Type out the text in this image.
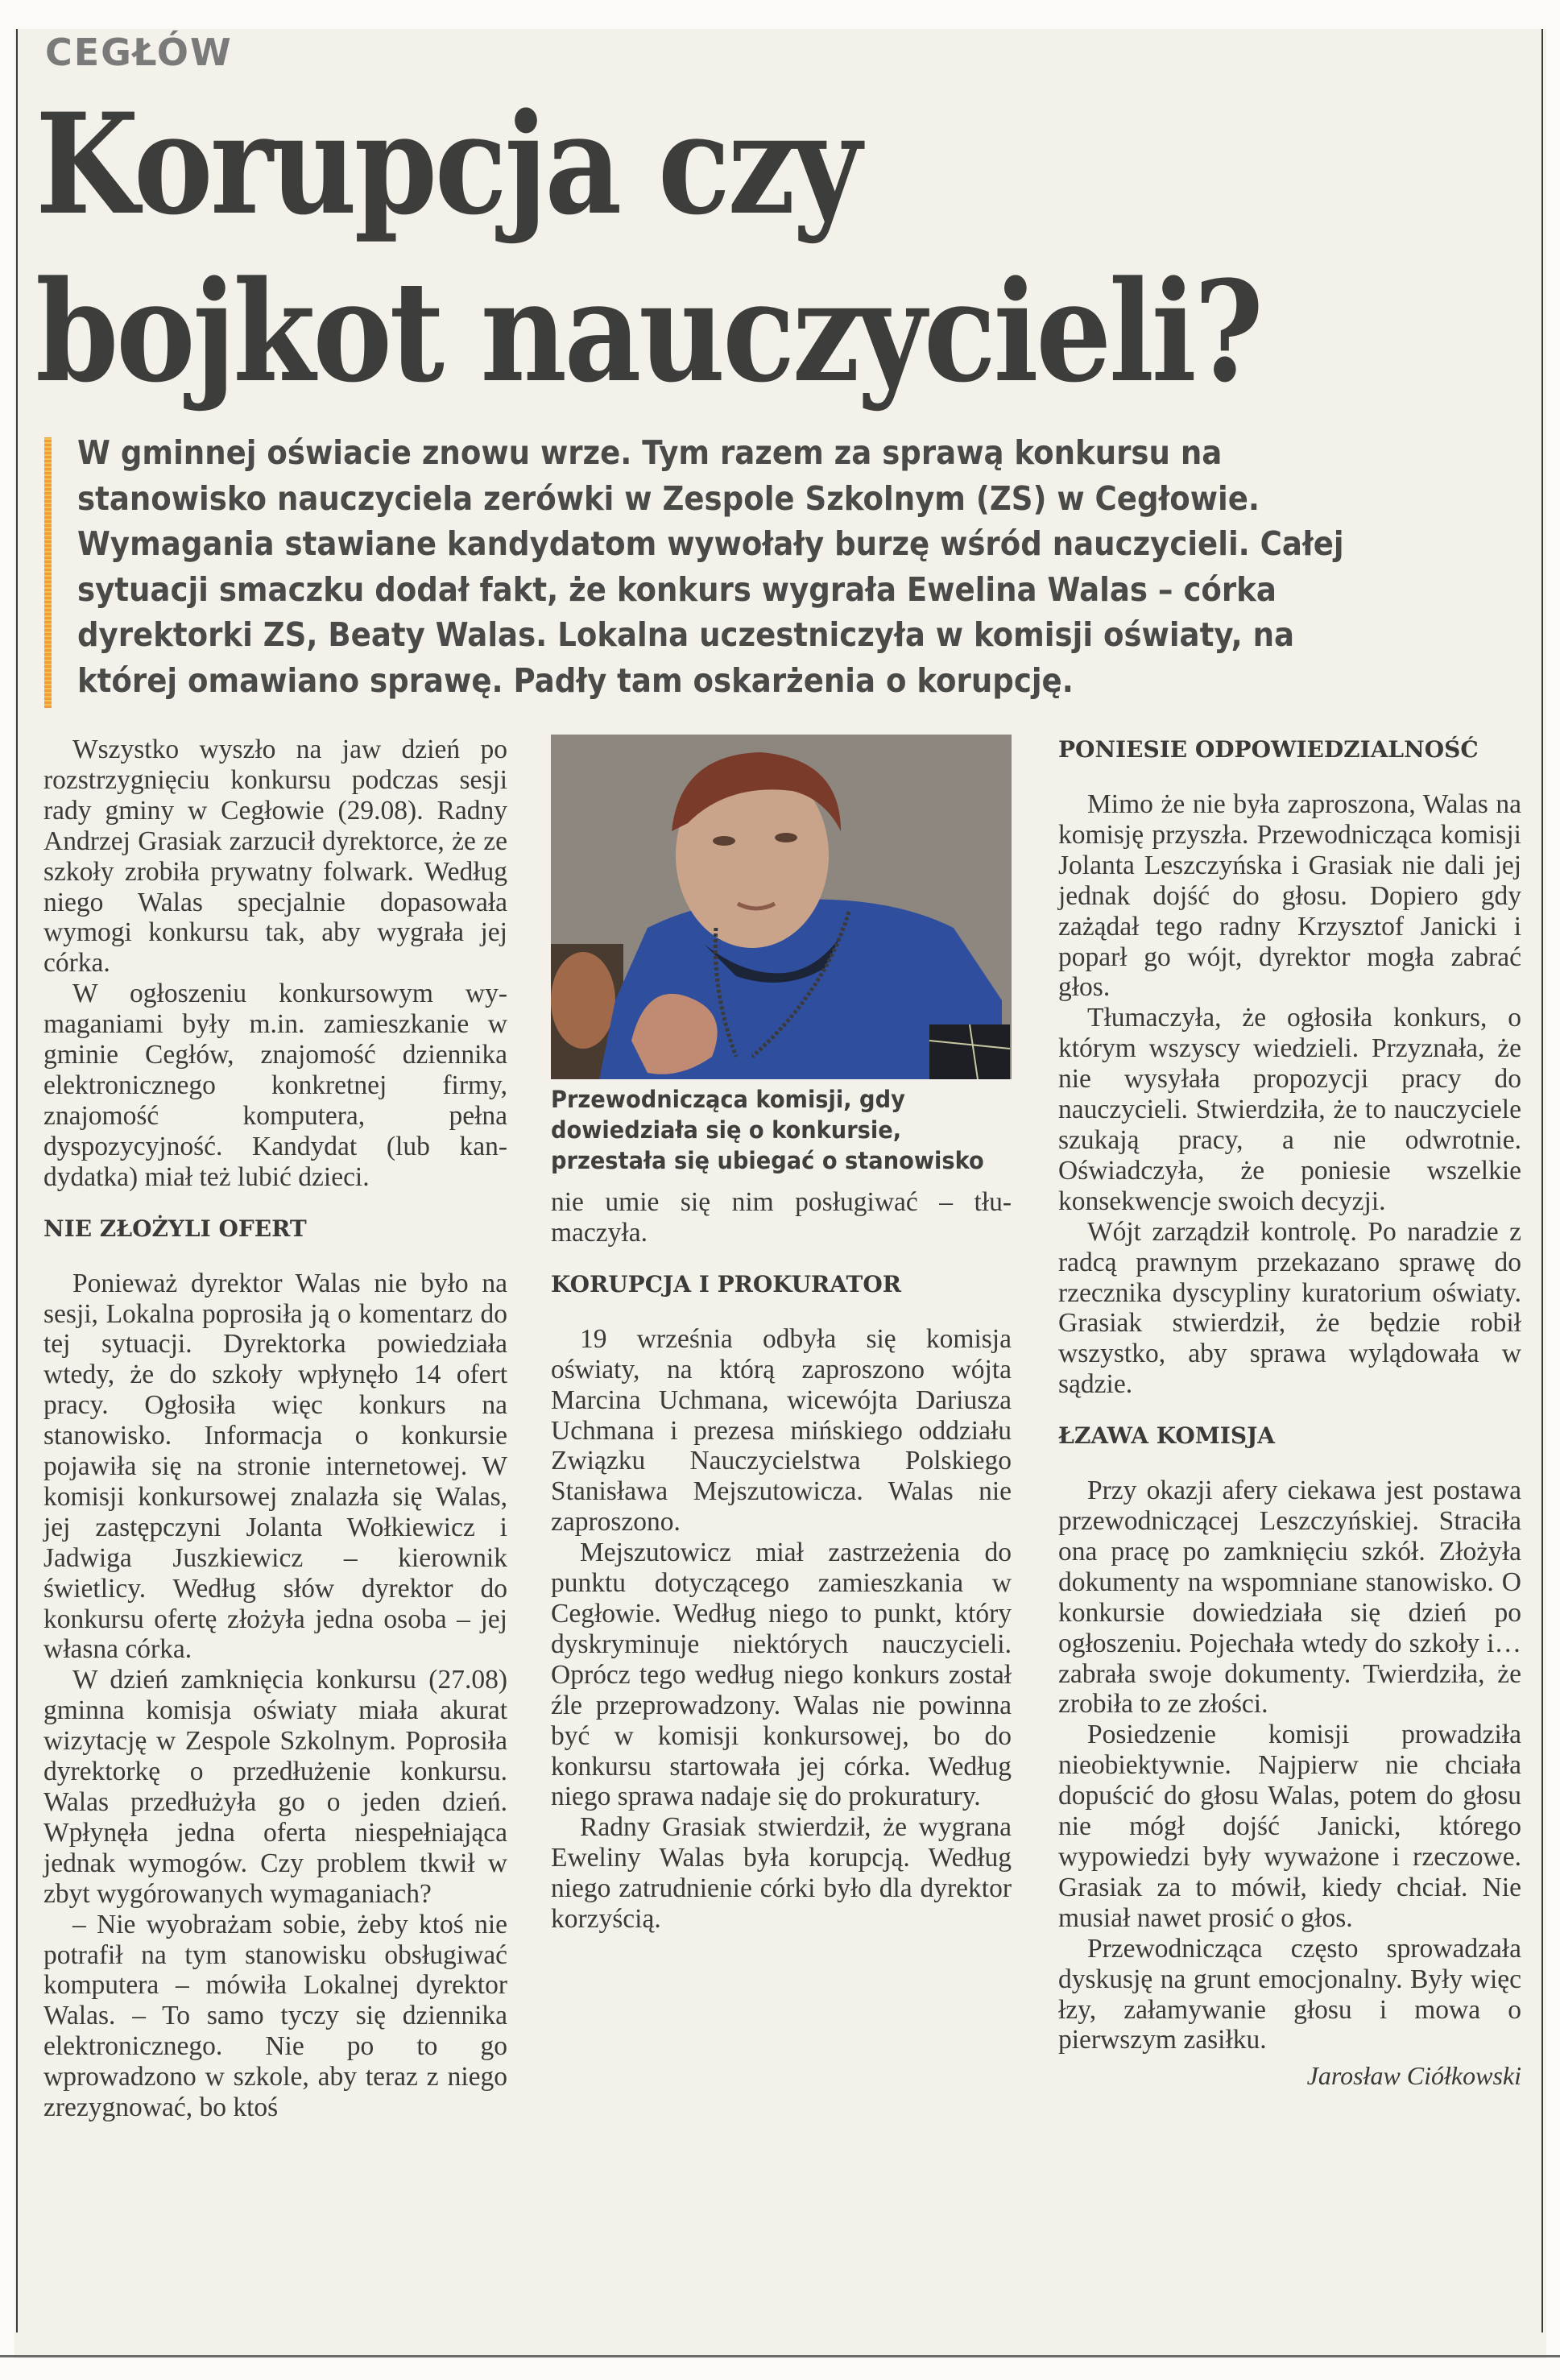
CEGŁÓW
Korupcja czy bojkot nauczycieli?
W gminnej oświacie znowu wrze. Tym razem za sprawą konkursu na stanowisko nauczyciela zerówki w Zespole Szkolnym (ZS) w Cegłowie. Wymagania stawiane kandydatom wywołały burzę wśród nauczycieli. Całej sytuacji smaczku dodał fakt, że konkurs wygrała Ewelina Walas – córka dyrektorki ZS, Beaty Walas. Lokalna uczestniczyła w komisji oświaty, na której omawiano sprawę. Padły tam oskarżenia o korupcję.

Wszystko wyszło na jaw dzień po rozstrzygnięciu konkursu podczas sesji rady gminy w Cegłowie (29.08). Radny Andrzej Grasiak zarzucił dyrektorce, że ze szkoły zrobiła prywatny folwark. Według niego Walas specjalnie dopasowała wymogi konkursu tak, aby wygrała jej córka.

W ogłoszeniu konkursowym wymaganiami były m.in. zamieszkanie w gminie Cegłów, znajomość dziennika elektronicznego konkretnej firmy, znajomość komputera, pełna dyspozycyjność. Kandydat (lub kandydatka) miał też lubić dzieci.

NIE ZŁOŻYLI OFERT

Ponieważ dyrektor Walas nie było na sesji, Lokalna poprosiła ją o komentarz do tej sytuacji. Dyrektorka powiedziała wtedy, że do szkoły wpłynęło 14 ofert pracy. Ogłosiła więc konkurs na stanowisko. Informacja o konkursie pojawiła się na stronie internetowej. W komisji konkursowej znalazła się Walas, jej zastępczyni Jolanta Wołkiewicz i Jadwiga Juszkiewicz – kierownik świetlicy. Według słów dyrektor do konkursu ofertę złożyła jedna osoba – jej własna córka.

W dzień zamknięcia konkursu (27.08) gminna komisja oświaty miała akurat wizytację w Zespole Szkolnym. Poprosiła dyrektorkę o przedłużenie konkursu. Walas przedłużyła go o jeden dzień. Wpłynęła jedna oferta niespełniająca jednak wymogów. Czy problem tkwił w zbyt wygórowanych wymaganiach?

– Nie wyobrażam sobie, żeby ktoś nie potrafił na tym stanowisku obsługiwać komputera – mówiła Lokalnej dyrektor Walas. – To samo tyczy się dziennika elektronicznego. Nie po to go wprowadzono w szkole, aby teraz z niego zrezygnować, bo ktoś

Przewodnicząca komisji, gdy dowiedziała się o konkursie, przestała się ubiegać o stanowisko

nie umie się nim posługiwać – tłumaczyła.

KORUPCJA I PROKURATOR

19 września odbyła się komisja oświaty, na którą zaproszono wójta Marcina Uchmana, wicewójta Dariusza Uchmana i prezesa mińskiego oddziału Związku Nauczycielstwa Polskiego Stanisława Mejszutowicza. Walas nie zaproszono.

Mejszutowicz miał zastrzeżenia do punktu dotyczącego zamieszkania w Cegłowie. Według niego to punkt, który dyskryminuje niektórych nauczycieli. Oprócz tego według niego konkurs został źle przeprowadzony. Walas nie powinna być w komisji konkursowej, bo do konkursu startowała jej córka. Według niego sprawa nadaje się do prokuratury.

Radny Grasiak stwierdził, że wygrana Eweliny Walas była korupcją. Według niego zatrudnienie córki było dla dyrektor korzyścią.

PONIESIE ODPOWIEDZIALNOŚĆ

Mimo że nie była zaproszona, Walas na komisję przyszła. Przewodnicząca komisji Jolanta Leszczyńska i Grasiak nie dali jej jednak dojść do głosu. Dopiero gdy zażądał tego radny Krzysztof Janicki i poparł go wójt, dyrektor mogła zabrać głos.

Tłumaczyła, że ogłosiła konkurs, o którym wszyscy wiedzieli. Przyznała, że nie wysyłała propozycji pracy do nauczycieli. Stwierdziła, że to nauczyciele szukają pracy, a nie odwrotnie. Oświadczyła, że poniesie wszelkie konsekwencje swoich decyzji.

Wójt zarządził kontrolę. Po naradzie z radcą prawnym przekazano sprawę do rzecznika dyscypliny kuratorium oświaty. Grasiak stwierdził, że będzie robił wszystko, aby sprawa wylądowała w sądzie.

ŁZAWA KOMISJA

Przy okazji afery ciekawa jest postawa przewodniczącej Leszczyńskiej. Straciła ona pracę po zamknięciu szkół. Złożyła dokumenty na wspomniane stanowisko. O konkursie dowiedziała się dzień po ogłoszeniu. Pojechała wtedy do szkoły i… zabrała swoje dokumenty. Twierdziła, że zrobiła to ze złości.

Posiedzenie komisji prowadziła nieobiektywnie. Najpierw nie chciała dopuścić do głosu Walas, potem do głosu nie mógł dojść Janicki, którego wypowiedzi były wyważone i rzeczowe. Grasiak za to mówił, kiedy chciał. Nie musiał nawet prosić o głos.

Przewodnicząca często sprowadzała dyskusję na grunt emocjonalny. Były więc łzy, załamywanie głosu i mowa o pierwszym zasiłku.

Jarosław Ciółkowski
